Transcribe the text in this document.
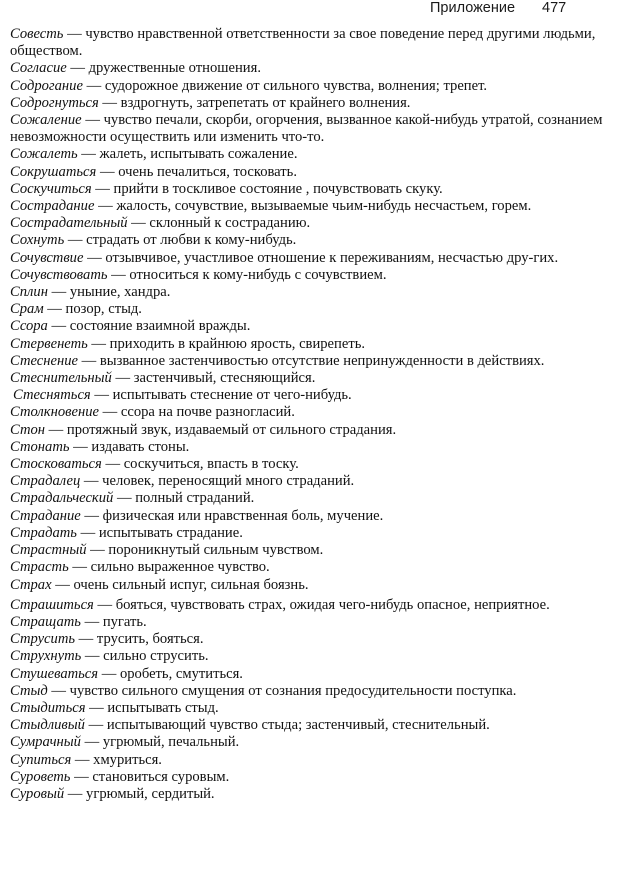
Приложение 477
Совесть — чувство нравственной ответственности за свое поведение перед другими людьми, обществом.
Согласие — дружественные отношения.
Содрогание — судорожное движение от сильного чувства, волнения; трепет.
Содрогнуться — вздрогнуть, затрепетать от крайнего волнения.
Сожаление — чувство печали, скорби, огорчения, вызванное какой-нибудь утратой, сознанием невозможности осуществить или изменить что-то.
Сожалеть — жалеть, испытывать сожаление.
Сокрушаться — очень печалиться, тосковать.
Соскучиться — прийти в тоскливое состояние , почувствовать скуку.
Сострадание — жалость, сочувствие, вызываемые чьим-нибудь несчастьем, горем.
Сострадательный — склонный к состраданию.
Сохнуть — страдать от любви к кому-нибудь.
Сочувствие — отзывчивое, участливое отношение к переживаниям, несчастью дру-гих.
Сочувствовать — относиться к кому-нибудь с сочувствием.
Сплин — уныние, хандра.
Срам — позор, стыд.
Ссора — состояние взаимной вражды.
Стервенеть — приходить в крайнюю ярость, свирепеть.
Стеснение — вызванное застенчивостью отсутствие непринужденности в действиях.
Стеснительный — застенчивый, стесняющийся.
Стесняться — испытывать стеснение от чего-нибудь.
Столкновение — ссора на почве разногласий.
Стон — протяжный звук, издаваемый от сильного страдания.
Стонать — издавать стоны.
Стосковаться — соскучиться, впасть в тоску.
Страдалец — человек, переносящий много страданий.
Страдальческий — полный страданий.
Страдание — физическая или нравственная боль, мучение.
Страдать — испытывать страдание.
Страстный — пороникнутый сильным чувством.
Страсть — сильно выраженное чувство.
Страх — очень сильный испуг, сильная боязнь.
Страшиться — бояться, чувствовать страх, ожидая чего-нибудь опасное, неприятное.
Стращать — пугать.
Струсить — трусить, бояться.
Струхнуть — сильно струсить.
Стушеваться — оробеть, смутиться.
Стыд — чувство сильного смущения от сознания предосудительности поступка.
Стыдиться — испытывать стыд.
Стыдливый — испытывающий чувство стыда; застенчивый, стеснительный.
Сумрачный — угрюмый, печальный.
Супиться — хмуриться.
Суроветь — становиться суровым.
Суровый — угрюмый, сердитый.
